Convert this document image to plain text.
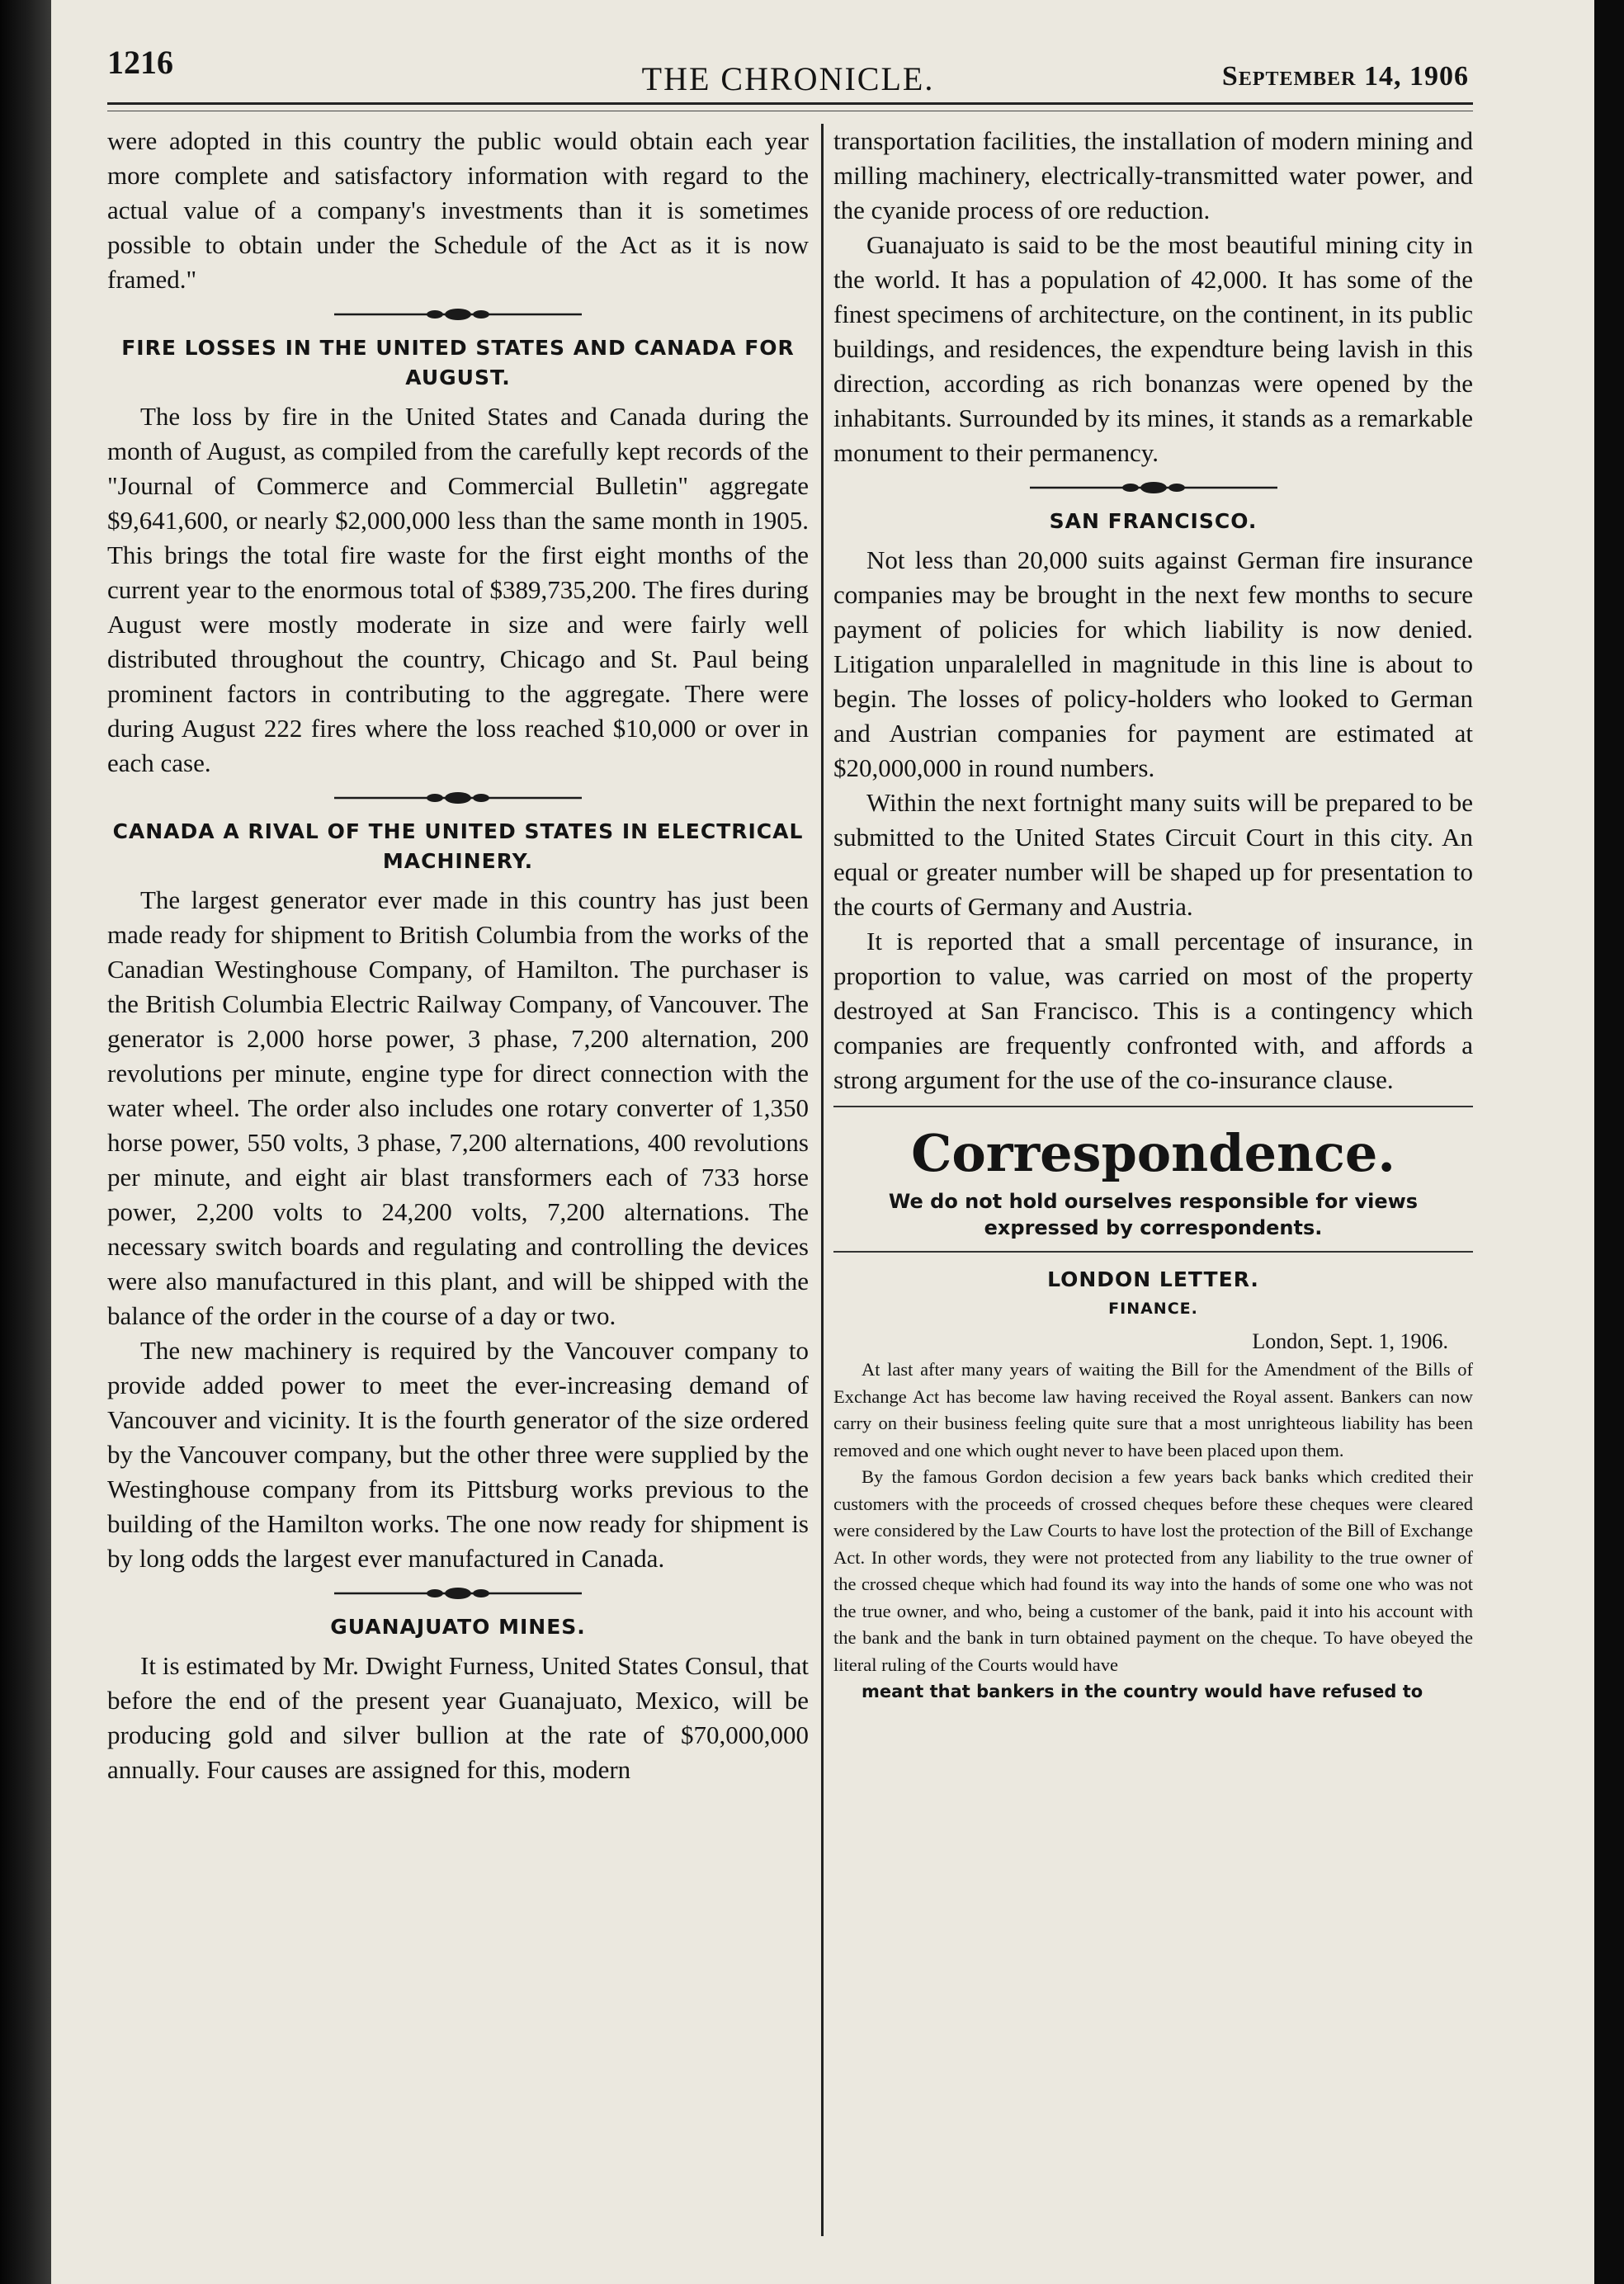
1216	THE CHRONICLE.	September 14, 1906

were adopted in this country the public would obtain each year more complete and satisfactory information with regard to the actual value of a company's investments than it is sometimes possible to obtain under the Schedule of the Act as it is now framed."

FIRE LOSSES IN THE UNITED STATES AND CANADA FOR AUGUST.

The loss by fire in the United States and Canada during the month of August, as compiled from the carefully kept records of the "Journal of Commerce and Commercial Bulletin" aggregate $9,641,600, or nearly $2,000,000 less than the same month in 1905. This brings the total fire waste for the first eight months of the current year to the enormous total of $389,735,200. The fires during August were mostly moderate in size and were fairly well distributed throughout the country, Chicago and St. Paul being prominent factors in contributing to the aggregate. There were during August 222 fires where the loss reached $10,000 or over in each case.

CANADA A RIVAL OF THE UNITED STATES IN ELECTRICAL MACHINERY.

The largest generator ever made in this country has just been made ready for shipment to British Columbia from the works of the Canadian Westinghouse Company, of Hamilton. The purchaser is the British Columbia Electric Railway Company, of Vancouver. The generator is 2,000 horse power, 3 phase, 7,200 alternation, 200 revolutions per minute, engine type for direct connection with the water wheel. The order also includes one rotary converter of 1,350 horse power, 550 volts, 3 phase, 7,200 alternations, 400 revolutions per minute, and eight air blast transformers each of 733 horse power, 2,200 volts to 24,200 volts, 7,200 alternations. The necessary switch boards and regulating and controlling the devices were also manufactured in this plant, and will be shipped with the balance of the order in the course of a day or two.

The new machinery is required by the Vancouver company to provide added power to meet the ever-increasing demand of Vancouver and vicinity. It is the fourth generator of the size ordered by the Vancouver company, but the other three were supplied by the Westinghouse company from its Pittsburg works previous to the building of the Hamilton works. The one now ready for shipment is by long odds the largest ever manufactured in Canada.

GUANAJUATO MINES.

It is estimated by Mr. Dwight Furness, United States Consul, that before the end of the present year Guanajuato, Mexico, will be producing gold and silver bullion at the rate of $70,000,000 annually. Four causes are assigned for this, modern

transportation facilities, the installation of modern mining and milling machinery, electrically-transmitted water power, and the cyanide process of ore reduction.

Guanajuato is said to be the most beautiful mining city in the world. It has a population of 42,000. It has some of the finest specimens of architecture, on the continent, in its public buildings, and residences, the expendture being lavish in this direction, according as rich bonanzas were opened by the inhabitants. Surrounded by its mines, it stands as a remarkable monument to their permanency.

SAN FRANCISCO.

Not less than 20,000 suits against German fire insurance companies may be brought in the next few months to secure payment of policies for which liability is now denied. Litigation unparalelled in magnitude in this line is about to begin. The losses of policy-holders who looked to German and Austrian companies for payment are estimated at $20,000,000 in round numbers.

Within the next fortnight many suits will be prepared to be submitted to the United States Circuit Court in this city. An equal or greater number will be shaped up for presentation to the courts of Germany and Austria.

It is reported that a small percentage of insurance, in proportion to value, was carried on most of the property destroyed at San Francisco. This is a contingency which companies are frequently confronted with, and affords a strong argument for the use of the co-insurance clause.

Correspondence.
We do not hold ourselves responsible for views expressed by correspondents.
LONDON LETTER.
FINANCE.
London, Sept. 1, 1906.

At last after many years of waiting the Bill for the Amendment of the Bills of Exchange Act has become law having received the Royal assent. Bankers can now carry on their business feeling quite sure that a most unrighteous liability has been removed and one which ought never to have been placed upon them.

By the famous Gordon decision a few years back banks which credited their customers with the proceeds of crossed cheques before these cheques were cleared were considered by the Law Courts to have lost the protection of the Bill of Exchange Act. In other words, they were not protected from any liability to the true owner of the crossed cheque which had found its way into the hands of some one who was not the true owner, and who, being a customer of the bank, paid it into his account with the bank and the bank in turn obtained payment on the cheque. To have obeyed the literal ruling of the Courts would have

meant that bankers in the country would have refused to
